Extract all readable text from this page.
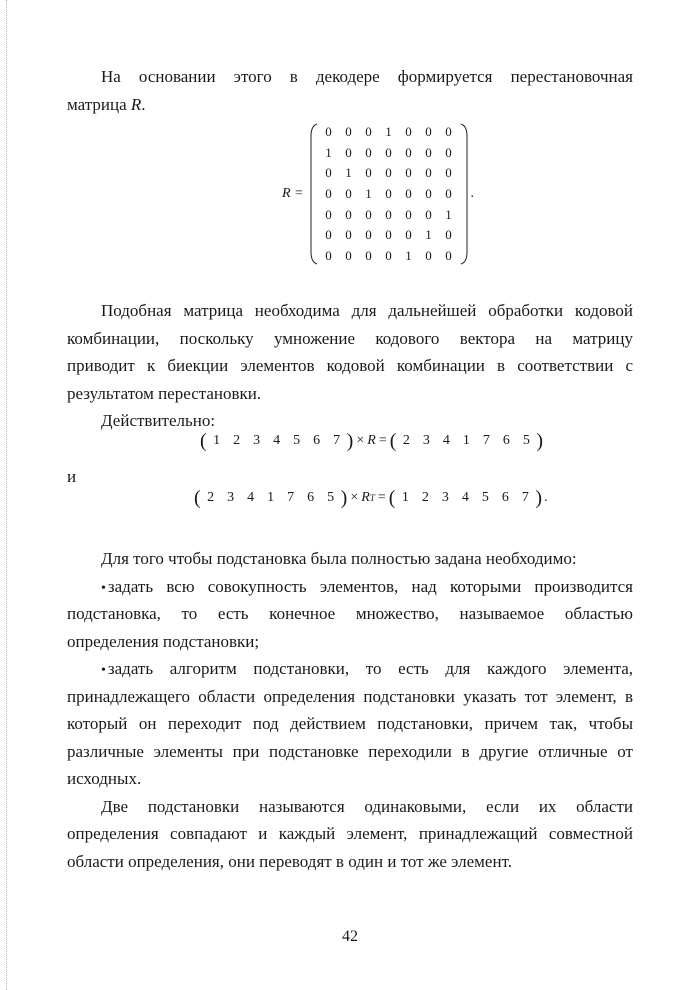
На основании этого в декодере формируется перестановочная
матрица R.
R =
0 0 0 1 0 0 0
1 0 0 0 0 0 0
0 1 0 0 0 0 0
0 0 1 0 0 0 0
0 0 0 0 0 0 1
0 0 0 0 0 1 0
0 0 0 0 1 0 0
.
Подобная матрица необходима для дальнейшей обработки кодовой
комбинации, поскольку умножение кодового вектора на матрицу
приводит к биекции элементов кодовой комбинации в соответствии с
результатом перестановки.
Действительно:
( 1 2 3 4 5 6 7 ) × R = ( 2 3 4 1 7 6 5 )
и
( 2 3 4 1 7 6 5 ) × R T = ( 1 2 3 4 5 6 7 ) .
Для того чтобы подстановка была полностью задана необходимо:
• задать всю совокупность элементов, над которыми производится
подстановка, то есть конечное множество, называемое областью
определения подстановки;
• задать алгоритм подстановки, то есть для каждого элемента,
принадлежащего области определения подстановки указать тот элемент, в
который он переходит под действием подстановки, причем так, чтобы
различные элементы при подстановке переходили в другие отличные от
исходных.
Две подстановки называются одинаковыми, если их области
определения совпадают и каждый элемент, принадлежащий совместной
области определения, они переводят в один и тот же элемент.
42
